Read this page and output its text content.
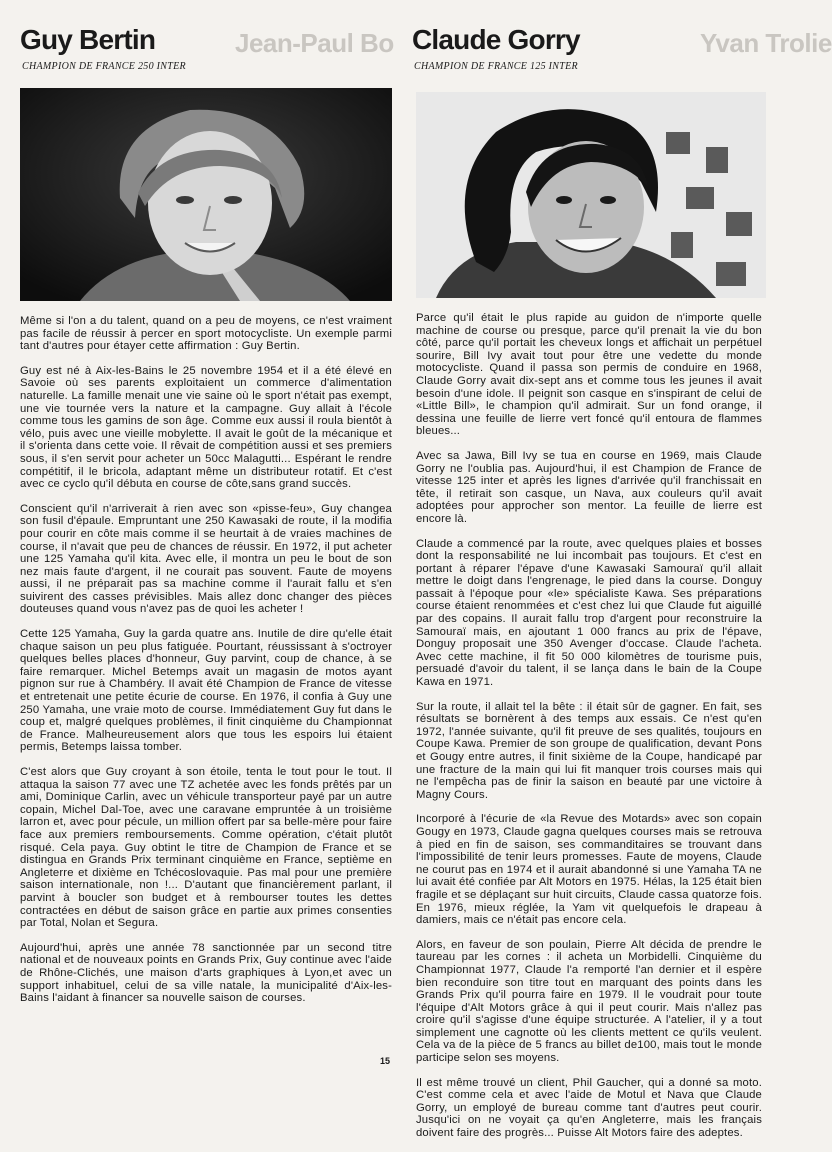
Jean-Paul Bo	Yvan Trolie
Guy Bertin
CHAMPION DE FRANCE 250 INTER

Même si l'on a du talent, quand on a peu de moyens, ce n'est vraiment pas facile de réussir à percer en sport motocycliste. Un exemple parmi tant d'autres pour étayer cette affirmation : Guy Bertin.

Guy est né à Aix-les-Bains le 25 novembre 1954 et il a été élevé en Savoie où ses parents exploitaient un commerce d'alimentation naturelle. La famille menait une vie saine où le sport n'était pas exempt, une vie tournée vers la nature et la campagne. Guy allait à l'école comme tous les gamins de son âge. Comme eux aussi il roula bientôt à vélo, puis avec une vieille mobylette. Il avait le goût de la mécanique et il s'orienta dans cette voie. Il rêvait de compétition aussi et ses premiers sous, il s'en servit pour acheter un 50cc Malagutti... Espérant le rendre compétitif, il le bricola, adaptant même un distributeur rotatif. Et c'est avec ce cyclo qu'il débuta en course de côte,sans grand succès.

Conscient qu'il n'arriverait à rien avec son «pisse-feu», Guy changea son fusil d'épaule. Empruntant une 250 Kawasaki de route, il la modifia pour courir en côte mais comme il se heurtait à de vraies machines de course, il n'avait que peu de chances de réussir. En 1972, il put acheter une 125 Yamaha qu'il kita. Avec elle, il montra un peu le bout de son nez mais faute d'argent, il ne courait pas souvent. Faute de moyens aussi, il ne préparait pas sa machine comme il l'aurait fallu et s'en suivirent des casses prévisibles. Mais allez donc changer des pièces douteuses quand vous n'avez pas de quoi les acheter !

Cette 125 Yamaha, Guy la garda quatre ans. Inutile de dire qu'elle était chaque saison un peu plus fatiguée. Pourtant, réussissant à s'octroyer quelques belles places d'honneur, Guy parvint, coup de chance, à se faire remarquer. Michel Betemps avait un magasin de motos ayant pignon sur rue à Chambéry. Il avait été Champion de France de vitesse et entretenait une petite écurie de course. En 1976, il confia à Guy une 250 Yamaha, une vraie moto de course. Immédiatement Guy fut dans le coup et, malgré quelques problèmes, il finit cinquième du Championnat de France. Malheureusement alors que tous les espoirs lui étaient permis, Betemps laissa tomber.

C'est alors que Guy croyant à son étoile, tenta le tout pour le tout. Il attaqua la saison 77 avec une TZ achetée avec les fonds prêtés par un ami, Dominique Carlin, avec un véhicule transporteur payé par un autre copain, Michel Dal-Toe, avec une caravane empruntée à un troisième larron et, avec pour pécule, un million offert par sa belle-mère pour faire face aux premiers remboursements. Comme opération, c'était plutôt risqué. Cela paya. Guy obtint le titre de Champion de France et se distingua en Grands Prix terminant cinquième en France, septième en Angleterre et dixième en Tchécoslovaquie. Pas mal pour une première saison internationale, non !... D'autant que financièrement parlant, il parvint à boucler son budget et à rembourser toutes les dettes contractées en début de saison grâce en partie aux primes consenties par Total, Nolan et Segura.

Aujourd'hui, après une année 78 sanctionnée par un second titre national et de nouveaux points en Grands Prix, Guy continue avec l'aide de Rhône-Clichés, une maison d'arts graphiques à Lyon,et avec un support inhabituel, celui de sa ville natale, la municipalité d'Aix-les-Bains l'aidant à financer sa nouvelle saison de courses.

Claude Gorry
CHAMPION DE FRANCE 125 INTER

Parce qu'il était le plus rapide au guidon de n'importe quelle machine de course ou presque, parce qu'il prenait la vie du bon côté, parce qu'il portait les cheveux longs et affichait un perpétuel sourire, Bill Ivy avait tout pour être une vedette du monde motocycliste. Quand il passa son permis de conduire en 1968, Claude Gorry avait dix-sept ans et comme tous les jeunes il avait besoin d'une idole. Il peignit son casque en s'inspirant de celui de «Little Bill», le champion qu'il admirait. Sur un fond orange, il dessina une feuille de lierre vert foncé qu'il entoura de flammes bleues...

Avec sa Jawa, Bill Ivy se tua en course en 1969, mais Claude Gorry ne l'oublia pas. Aujourd'hui, il est Champion de France de vitesse 125 inter et après les lignes d'arrivée qu'il franchissait en tête, il retirait son casque, un Nava, aux couleurs qu'il avait adoptées pour approcher son mentor. La feuille de lierre est encore là.

Claude a commencé par la route, avec quelques plaies et bosses dont la responsabilité ne lui incombait pas toujours. Et c'est en portant à réparer l'épave d'une Kawasaki Samouraï qu'il allait mettre le doigt dans l'engrenage, le pied dans la course. Donguy passait à l'époque pour «le» spécialiste Kawa. Ses préparations course étaient renommées et c'est chez lui que Claude fut aiguillé par des copains. Il aurait fallu trop d'argent pour reconstruire la Samouraï mais, en ajoutant 1 000 francs au prix de l'épave, Donguy proposait une 350 Avenger d'occase. Claude l'acheta. Avec cette machine, il fit 50 000 kilomètres de tourisme puis, persuadé d'avoir du talent, il se lança dans le bain de la Coupe Kawa en 1971.

Sur la route, il allait tel la bête : il était sûr de gagner. En fait, ses résultats se bornèrent à des temps aux essais. Ce n'est qu'en 1972, l'année suivante, qu'il fit preuve de ses qualités, toujours en Coupe Kawa. Premier de son groupe de qualification, devant Pons et Gougy entre autres, il finit sixième de la Coupe, handicapé par une fracture de la main qui lui fit manquer trois courses mais qui ne l'empêcha pas de finir la saison en beauté par une victoire à Magny Cours.

Incorporé à l'écurie de «la Revue des Motards» avec son copain Gougy en 1973, Claude gagna quelques courses mais se retrouva à pied en fin de saison, ses commanditaires se trouvant dans l'impossibilité de tenir leurs promesses. Faute de moyens, Claude ne courut pas en 1974 et il aurait abandonné si une Yamaha TA ne lui avait été confiée par Alt Motors en 1975. Hélas, la 125 était bien fragile et se déplaçant sur huit circuits, Claude cassa quatorze fois. En 1976, mieux réglée, la Yam vit quelquefois le drapeau à damiers, mais ce n'était pas encore cela.

Alors, en faveur de son poulain, Pierre Alt décida de prendre le taureau par les cornes : il acheta un Morbidelli. Cinquième du Championnat 1977, Claude l'a remporté l'an dernier et il espère bien reconduire son titre tout en marquant des points dans les Grands Prix qu'il pourra faire en 1979. Il le voudrait pour toute l'équipe d'Alt Motors grâce à qui il peut courir. Mais n'allez pas croire qu'il s'agisse d'une équipe structurée. A l'atelier, il y a tout simplement une cagnotte où les clients mettent ce qu'ils veulent. Cela va de la pièce de 5 francs au billet de100, mais tout le monde participe selon ses moyens.

Il est même trouvé un client, Phil Gaucher, qui a donné sa moto. C'est comme cela et avec l'aide de Motul et Nava que Claude Gorry, un employé de bureau comme tant d'autres peut courir. Jusqu'ici on ne voyait ça qu'en Angleterre, mais les français doivent faire des progrès... Puisse Alt Motors faire des adeptes.

15
